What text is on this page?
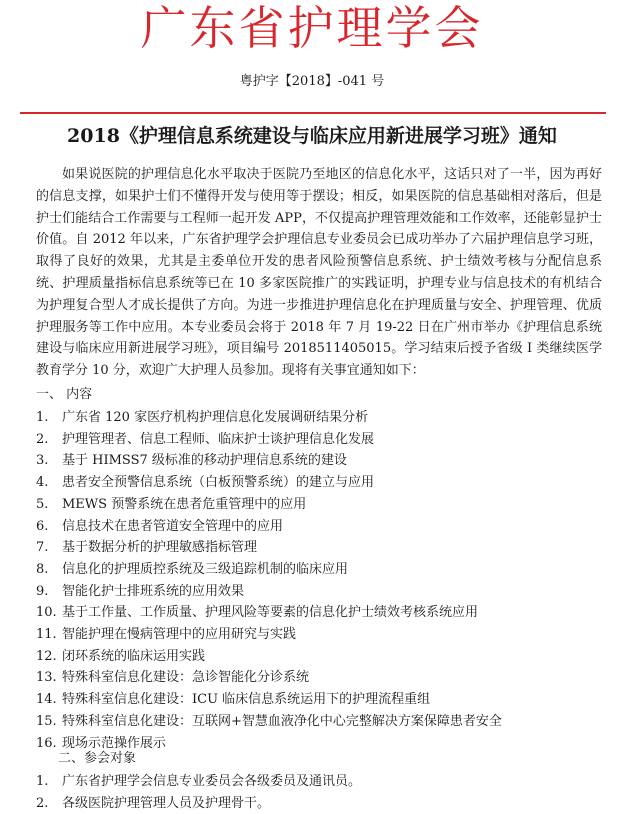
广东省护理学会
粤护字【2018】-041 号
2018《护理信息系统建设与临床应用新进展学习班》通知

如果说医院的护理信息化水平取决于医院乃至地区的信息化水平，这话只对了一半，因为再好的信息支撑，如果护士们不懂得开发与使用等于摆设；相反，如果医院的信息基础相对落后，但是护士们能结合工作需要与工程师一起开发 APP，不仅提高护理管理效能和工作效率，还能彰显护士价值。自 2012 年以来，广东省护理学会护理信息专业委员会已成功举办了六届护理信息学习班，取得了良好的效果，尤其是主委单位开发的患者风险预警信息系统、护士绩效考核与分配信息系统、护理质量指标信息系统等已在 10 多家医院推广的实践证明，护理专业与信息技术的有机结合为护理复合型人才成长提供了方向。为进一步推进护理信息化在护理质量与安全、护理管理、优质护理服务等工作中应用。本专业委员会将于 2018 年 7 月 19-22 日在广州市举办《护理信息系统建设与临床应用新进展学习班》，项目编号 2018511405015。学习结束后授予省级 I 类继续医学教育学分 10 分，欢迎广大护理人员参加。现将有关事宜通知如下：

一、 内容
1. 广东省 120 家医疗机构护理信息化发展调研结果分析
2. 护理管理者、信息工程师、临床护士谈护理信息化发展
3. 基于 HIMSS7 级标准的移动护理信息系统的建设
4. 患者安全预警信息系统（白板预警系统）的建立与应用
5. MEWS 预警系统在患者危重管理中的应用
6. 信息技术在患者管道安全管理中的应用
7. 基于数据分析的护理敏感指标管理
8. 信息化的护理质控系统及三级追踪机制的临床应用
9. 智能化护士排班系统的应用效果
10. 基于工作量、工作质量、护理风险等要素的信息化护士绩效考核系统应用
11. 智能护理在慢病管理中的应用研究与实践
12. 闭环系统的临床运用实践
13. 特殊科室信息化建设：急诊智能化分诊系统
14. 特殊科室信息化建设：ICU 临床信息系统运用下的护理流程重组
15. 特殊科室信息化建设：互联网+智慧血液净化中心完整解决方案保障患者安全
16. 现场示范操作展示
二、参会对象
1. 广东省护理学会信息专业委员会各级委员及通讯员。
2. 各级医院护理管理人员及护理骨干。
